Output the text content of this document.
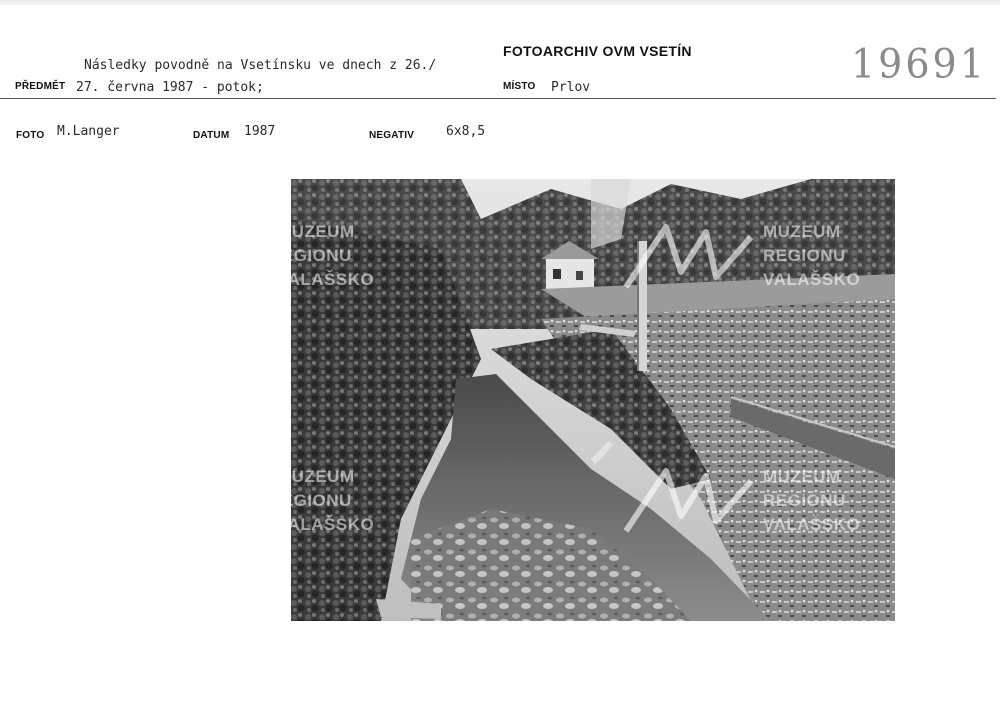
Následky povodně na Vsetínsku ve dnech z 26./
PŘEDMĚT 27. června 1987 - potok;
FOTOARCHIV OVM VSETÍN
MÍSTO Prlov
19691
FOTO M.Langer	DATUM 1987	NEGATIV 6x8,5
MUZEUM
REGIONU
VALAŠSKO
MUZEUM
REGIONU
VALAŠSKO
MUZEUM
REGIONU
VALAŠSKO
MUZEUM
REGIONU
VALAŠSKO
